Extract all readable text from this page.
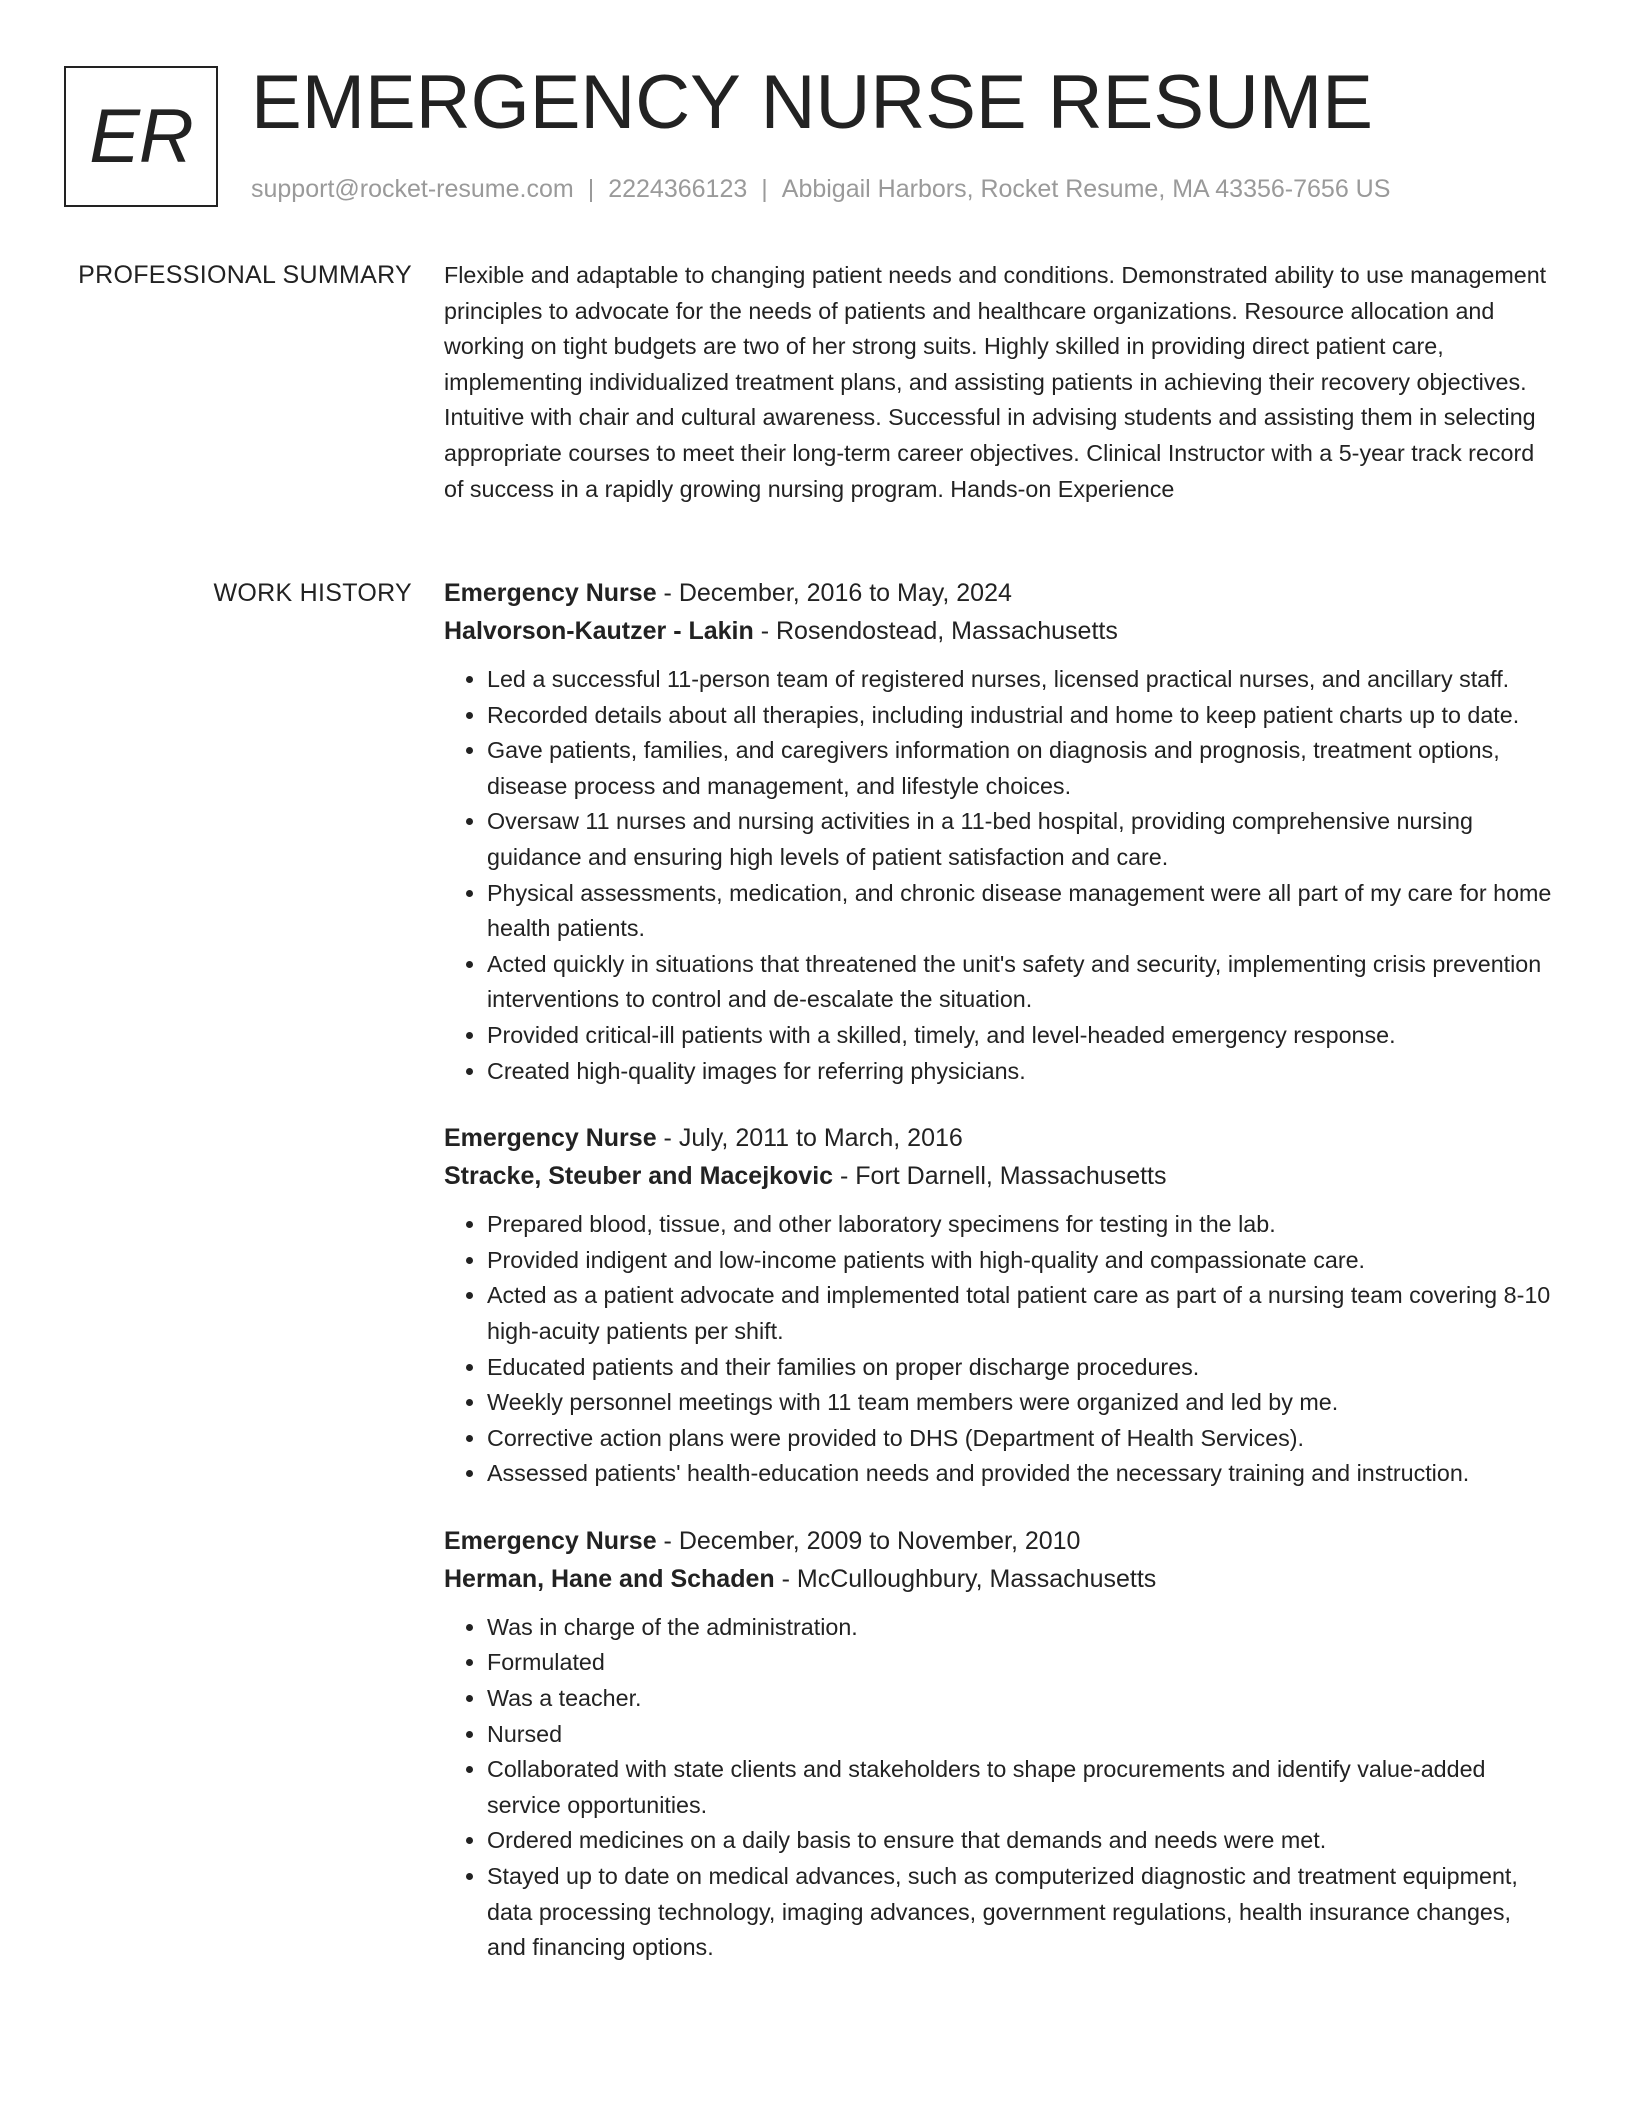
ER EMERGENCY NURSE RESUME
support@rocket-resume.com | 2224366123 | Abbigail Harbors, Rocket Resume, MA 43356-7656 US
PROFESSIONAL SUMMARY Flexible and adaptable to changing patient needs and conditions. Demonstrated ability to use management principles to advocate for the needs of patients and healthcare organizations. Resource allocation and working on tight budgets are two of her strong suits. Highly skilled in providing direct patient care, implementing individualized treatment plans, and assisting patients in achieving their recovery objectives. Intuitive with chair and cultural awareness. Successful in advising students and assisting them in selecting appropriate courses to meet their long-term career objectives. Clinical Instructor with a 5-year track record of success in a rapidly growing nursing program. Hands-on Experience

WORK HISTORY Emergency Nurse - December, 2016 to May, 2024
Halvorson-Kautzer - Lakin - Rosendostead, Massachusetts
• Led a successful 11-person team of registered nurses, licensed practical nurses, and ancillary staff.
• Recorded details about all therapies, including industrial and home to keep patient charts up to date.
• Gave patients, families, and caregivers information on diagnosis and prognosis, treatment options, disease process and management, and lifestyle choices.
• Oversaw 11 nurses and nursing activities in a 11-bed hospital, providing comprehensive nursing guidance and ensuring high levels of patient satisfaction and care.
• Physical assessments, medication, and chronic disease management were all part of my care for home health patients.
• Acted quickly in situations that threatened the unit's safety and security, implementing crisis prevention interventions to control and de-escalate the situation.
• Provided critical-ill patients with a skilled, timely, and level-headed emergency response.
• Created high-quality images for referring physicians.
Emergency Nurse - July, 2011 to March, 2016
Stracke, Steuber and Macejkovic - Fort Darnell, Massachusetts
• Prepared blood, tissue, and other laboratory specimens for testing in the lab.
• Provided indigent and low-income patients with high-quality and compassionate care.
• Acted as a patient advocate and implemented total patient care as part of a nursing team covering 8-10 high-acuity patients per shift.
• Educated patients and their families on proper discharge procedures.
• Weekly personnel meetings with 11 team members were organized and led by me.
• Corrective action plans were provided to DHS (Department of Health Services).
• Assessed patients' health-education needs and provided the necessary training and instruction.
Emergency Nurse - December, 2009 to November, 2010
Herman, Hane and Schaden - McCulloughbury, Massachusetts
• Was in charge of the administration.
• Formulated
• Was a teacher.
• Nursed
• Collaborated with state clients and stakeholders to shape procurements and identify value-added service opportunities.
• Ordered medicines on a daily basis to ensure that demands and needs were met.
• Stayed up to date on medical advances, such as computerized diagnostic and treatment equipment, data processing technology, imaging advances, government regulations, health insurance changes, and financing options.
